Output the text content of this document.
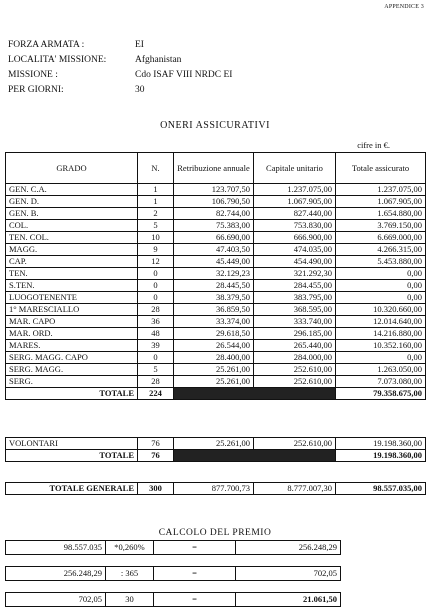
APPENDICE 3
FORZA ARMATA :	EI
LOCALITA' MISSIONE:	Afghanistan
MISSIONE :	Cdo ISAF VIII NRDC EI
PER GIORNI:	30
ONERI ASSICURATIVI
cifre in €.
GRADO	N.	Retribuzione annuale	Capitale unitario	Totale assicurato
GEN. C.A.	1	123.707,50	1.237.075,00	1.237.075,00
GEN. D.	1	106.790,50	1.067.905,00	1.067.905,00
GEN. B.	2	82.744,00	827.440,00	1.654.880,00
COL.	5	75.383,00	753.830,00	3.769.150,00
TEN. COL.	10	66.690,00	666.900,00	6.669.000,00
MAGG.	9	47.403,50	474.035,00	4.266.315,00
CAP.	12	45.449,00	454.490,00	5.453.880,00
TEN.	0	32.129,23	321.292,30	0,00
S.TEN.	0	28.445,50	284.455,00	0,00
LUOGOTENENTE	0	38.379,50	383.795,00	0,00
1° MARESCIALLO	28	36.859,50	368.595,00	10.320.660,00
MAR. CAPO	36	33.374,00	333.740,00	12.014.640,00
MAR. ORD.	48	29.618,50	296.185,00	14.216.880,00
MARES.	39	26.544,00	265.440,00	10.352.160,00
SERG. MAGG. CAPO	0	28.400,00	284.000,00	0,00
SERG. MAGG.	5	25.261,00	252.610,00	1.263.050,00
SERG.	28	25.261,00	252.610,00	7.073.080,00
TOTALE	224			79.358.675,00
VOLONTARI	76	25.261,00	252.610,00	19.198.360,00
TOTALE	76			19.198.360,00
TOTALE GENERALE	300	877.700,73	8.777.007,30	98.557.035,00
CALCOLO DEL PREMIO
98.557.035	*0,260%	=	256.248,29
256.248,29	: 365	=	702,05
702,05	30	=	21.061,50
